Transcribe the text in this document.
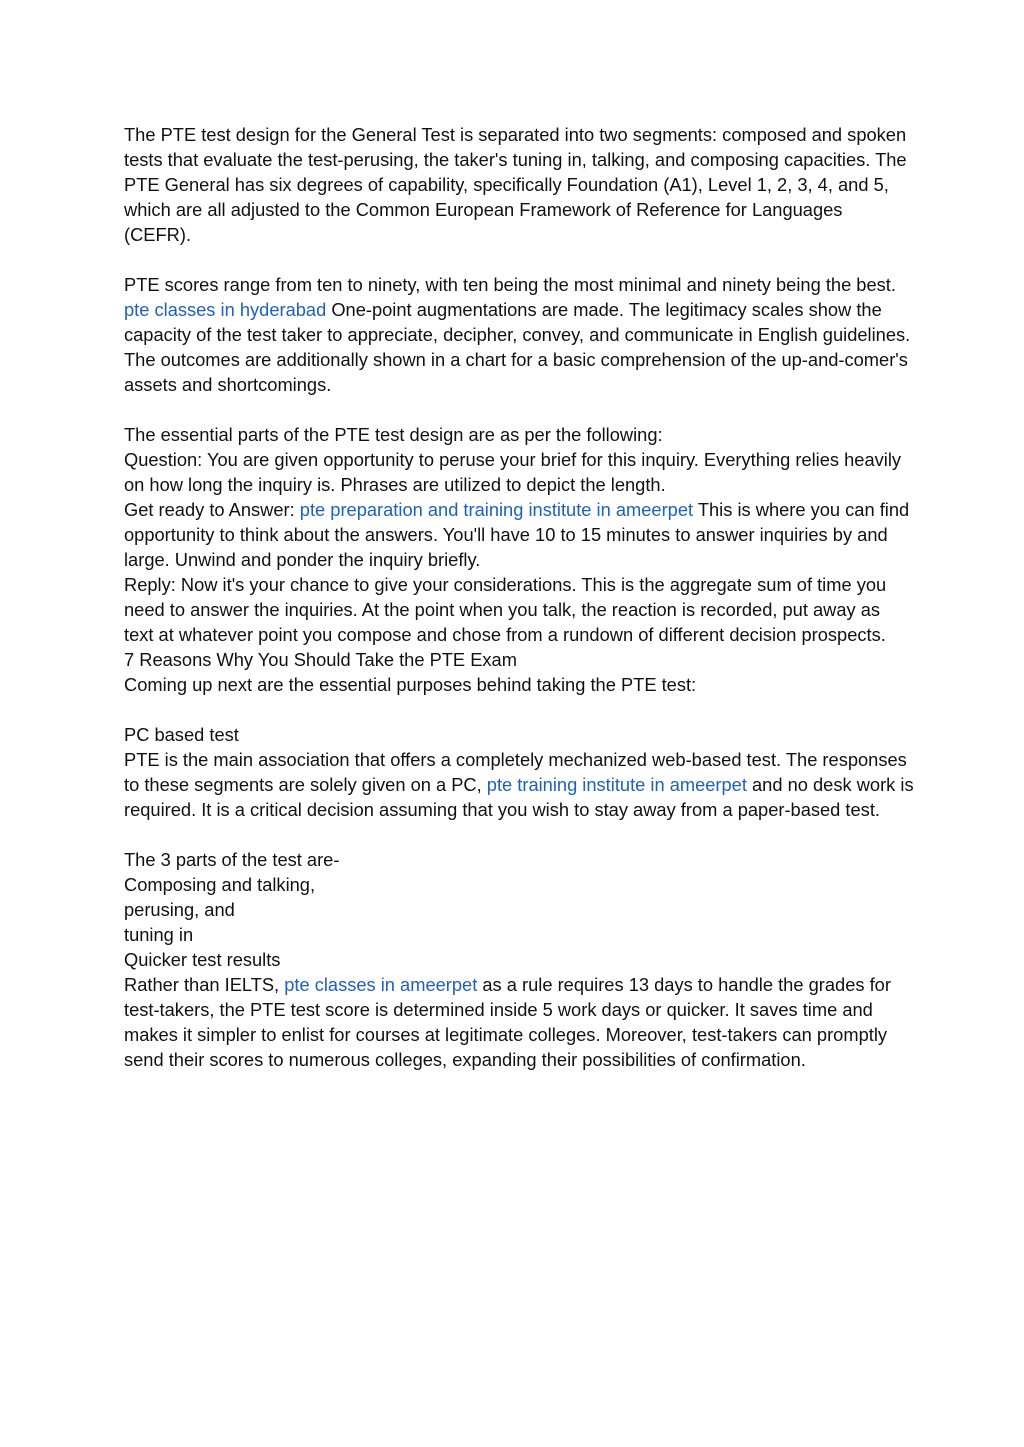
The PTE test design for the General Test is separated into two segments: composed and spoken tests that evaluate the test-perusing, the taker's tuning in, talking, and composing capacities. The PTE General has six degrees of capability, specifically Foundation (A1), Level 1, 2, 3, 4, and 5, which are all adjusted to the Common European Framework of Reference for Languages (CEFR).

PTE scores range from ten to ninety, with ten being the most minimal and ninety being the best. pte classes in hyderabad One-point augmentations are made. The legitimacy scales show the capacity of the test taker to appreciate, decipher, convey, and communicate in English guidelines. The outcomes are additionally shown in a chart for a basic comprehension of the up-and-comer's assets and shortcomings.

The essential parts of the PTE test design are as per the following:

Question: You are given opportunity to peruse your brief for this inquiry. Everything relies heavily on how long the inquiry is. Phrases are utilized to depict the length.

Get ready to Answer: pte preparation and training institute in ameerpet This is where you can find opportunity to think about the answers. You'll have 10 to 15 minutes to answer inquiries by and large. Unwind and ponder the inquiry briefly.

Reply: Now it's your chance to give your considerations. This is the aggregate sum of time you need to answer the inquiries. At the point when you talk, the reaction is recorded, put away as text at whatever point you compose and chose from a rundown of different decision prospects.

7 Reasons Why You Should Take the PTE Exam

Coming up next are the essential purposes behind taking the PTE test:

PC based test

PTE is the main association that offers a completely mechanized web-based test. The responses to these segments are solely given on a PC, pte training institute in ameerpet and no desk work is required. It is a critical decision assuming that you wish to stay away from a paper-based test.

The 3 parts of the test are-

Composing and talking,

perusing, and

tuning in

Quicker test results

Rather than IELTS, pte classes in ameerpet as a rule requires 13 days to handle the grades for test-takers, the PTE test score is determined inside 5 work days or quicker. It saves time and makes it simpler to enlist for courses at legitimate colleges. Moreover, test-takers can promptly send their scores to numerous colleges, expanding their possibilities of confirmation.
